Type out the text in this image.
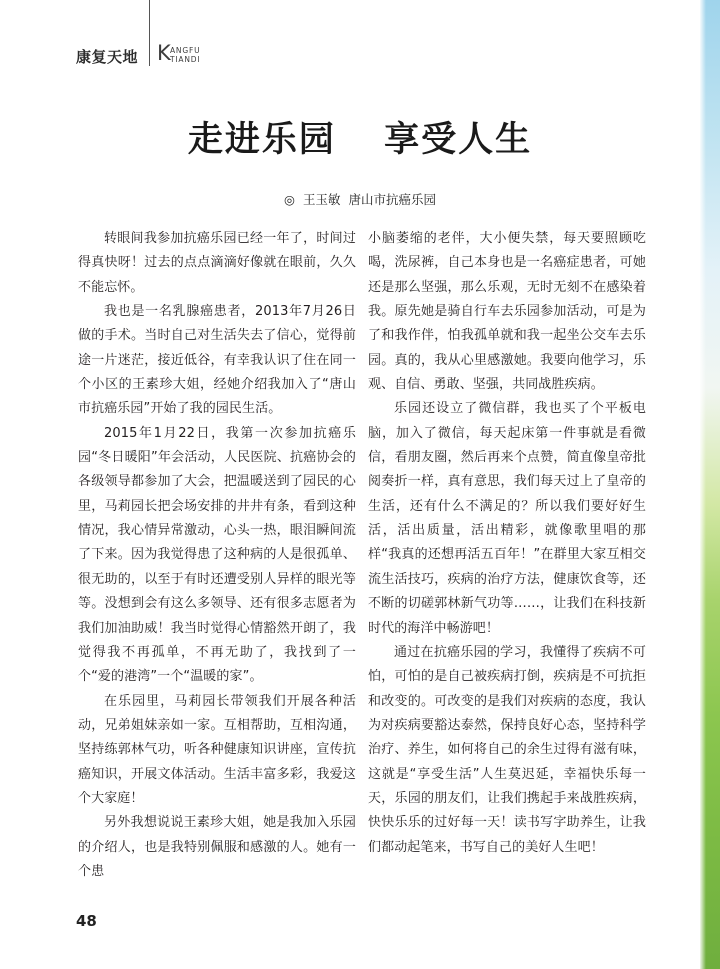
康复天地 K ANGFU
TIANDI
走进乐园  享受人生
◎ 王玉敏 唐山市抗癌乐园

转眼间我参加抗癌乐园已经一年了，时间过得真快呀！过去的点点滴滴好像就在眼前，久久不能忘怀。

我也是一名乳腺癌患者，2013年7月26日做的手术。当时自己对生活失去了信心，觉得前途一片迷茫，接近低谷，有幸我认识了住在同一个小区的王素珍大姐，经她介绍我加入了“唐山市抗癌乐园”开始了我的园民生活。

2015年1月22日，我第一次参加抗癌乐园“冬日暖阳”年会活动，人民医院、抗癌协会的各级领导都参加了大会，把温暖送到了园民的心里，马莉园长把会场安排的井井有条，看到这种情况，我心情异常激动，心头一热，眼泪瞬间流了下来。因为我觉得患了这种病的人是很孤单、很无助的，以至于有时还遭受别人异样的眼光等等。没想到会有这么多领导、还有很多志愿者为我们加油助威！我当时觉得心情豁然开朗了，我觉得我不再孤单，不再无助了，我找到了一个“爱的港湾”一个“温暖的家”。

在乐园里，马莉园长带领我们开展各种活动，兄弟姐妹亲如一家。互相帮助，互相沟通，坚持练郭林气功，听各种健康知识讲座，宣传抗癌知识，开展文体活动。生活丰富多彩，我爱这个大家庭！

另外我想说说王素珍大姐，她是我加入乐园的介绍人，也是我特别佩服和感激的人。她有一个患

小脑萎缩的老伴，大小便失禁，每天要照顾吃喝，洗尿裤，自己本身也是一名癌症患者，可她还是那么坚强，那么乐观，无时无刻不在感染着我。原先她是骑自行车去乐园参加活动，可是为了和我作伴，怕我孤单就和我一起坐公交车去乐园。真的，我从心里感激她。我要向他学习，乐观、自信、勇敢、坚强，共同战胜疾病。

乐园还设立了微信群，我也买了个平板电脑，加入了微信，每天起床第一件事就是看微信，看朋友圈，然后再来个点赞，简直像皇帝批阅奏折一样，真有意思，我们每天过上了皇帝的生活，还有什么不满足的？所以我们要好好生活，活出质量，活出精彩，就像歌里唱的那样“我真的还想再活五百年！”在群里大家互相交流生活技巧，疾病的治疗方法，健康饮食等，还不断的切磋郭林新气功等……，让我们在科技新时代的海洋中畅游吧！

通过在抗癌乐园的学习，我懂得了疾病不可怕，可怕的是自己被疾病打倒，疾病是不可抗拒和改变的。可改变的是我们对疾病的态度，我认为对疾病要豁达泰然，保持良好心态，坚持科学治疗、养生，如何将自己的余生过得有滋有味，这就是“享受生活”人生莫迟延，幸福快乐每一天，乐园的朋友们，让我们携起手来战胜疾病，快快乐乐的过好每一天！读书写字助养生，让我们都动起笔来，书写自己的美好人生吧！

48
